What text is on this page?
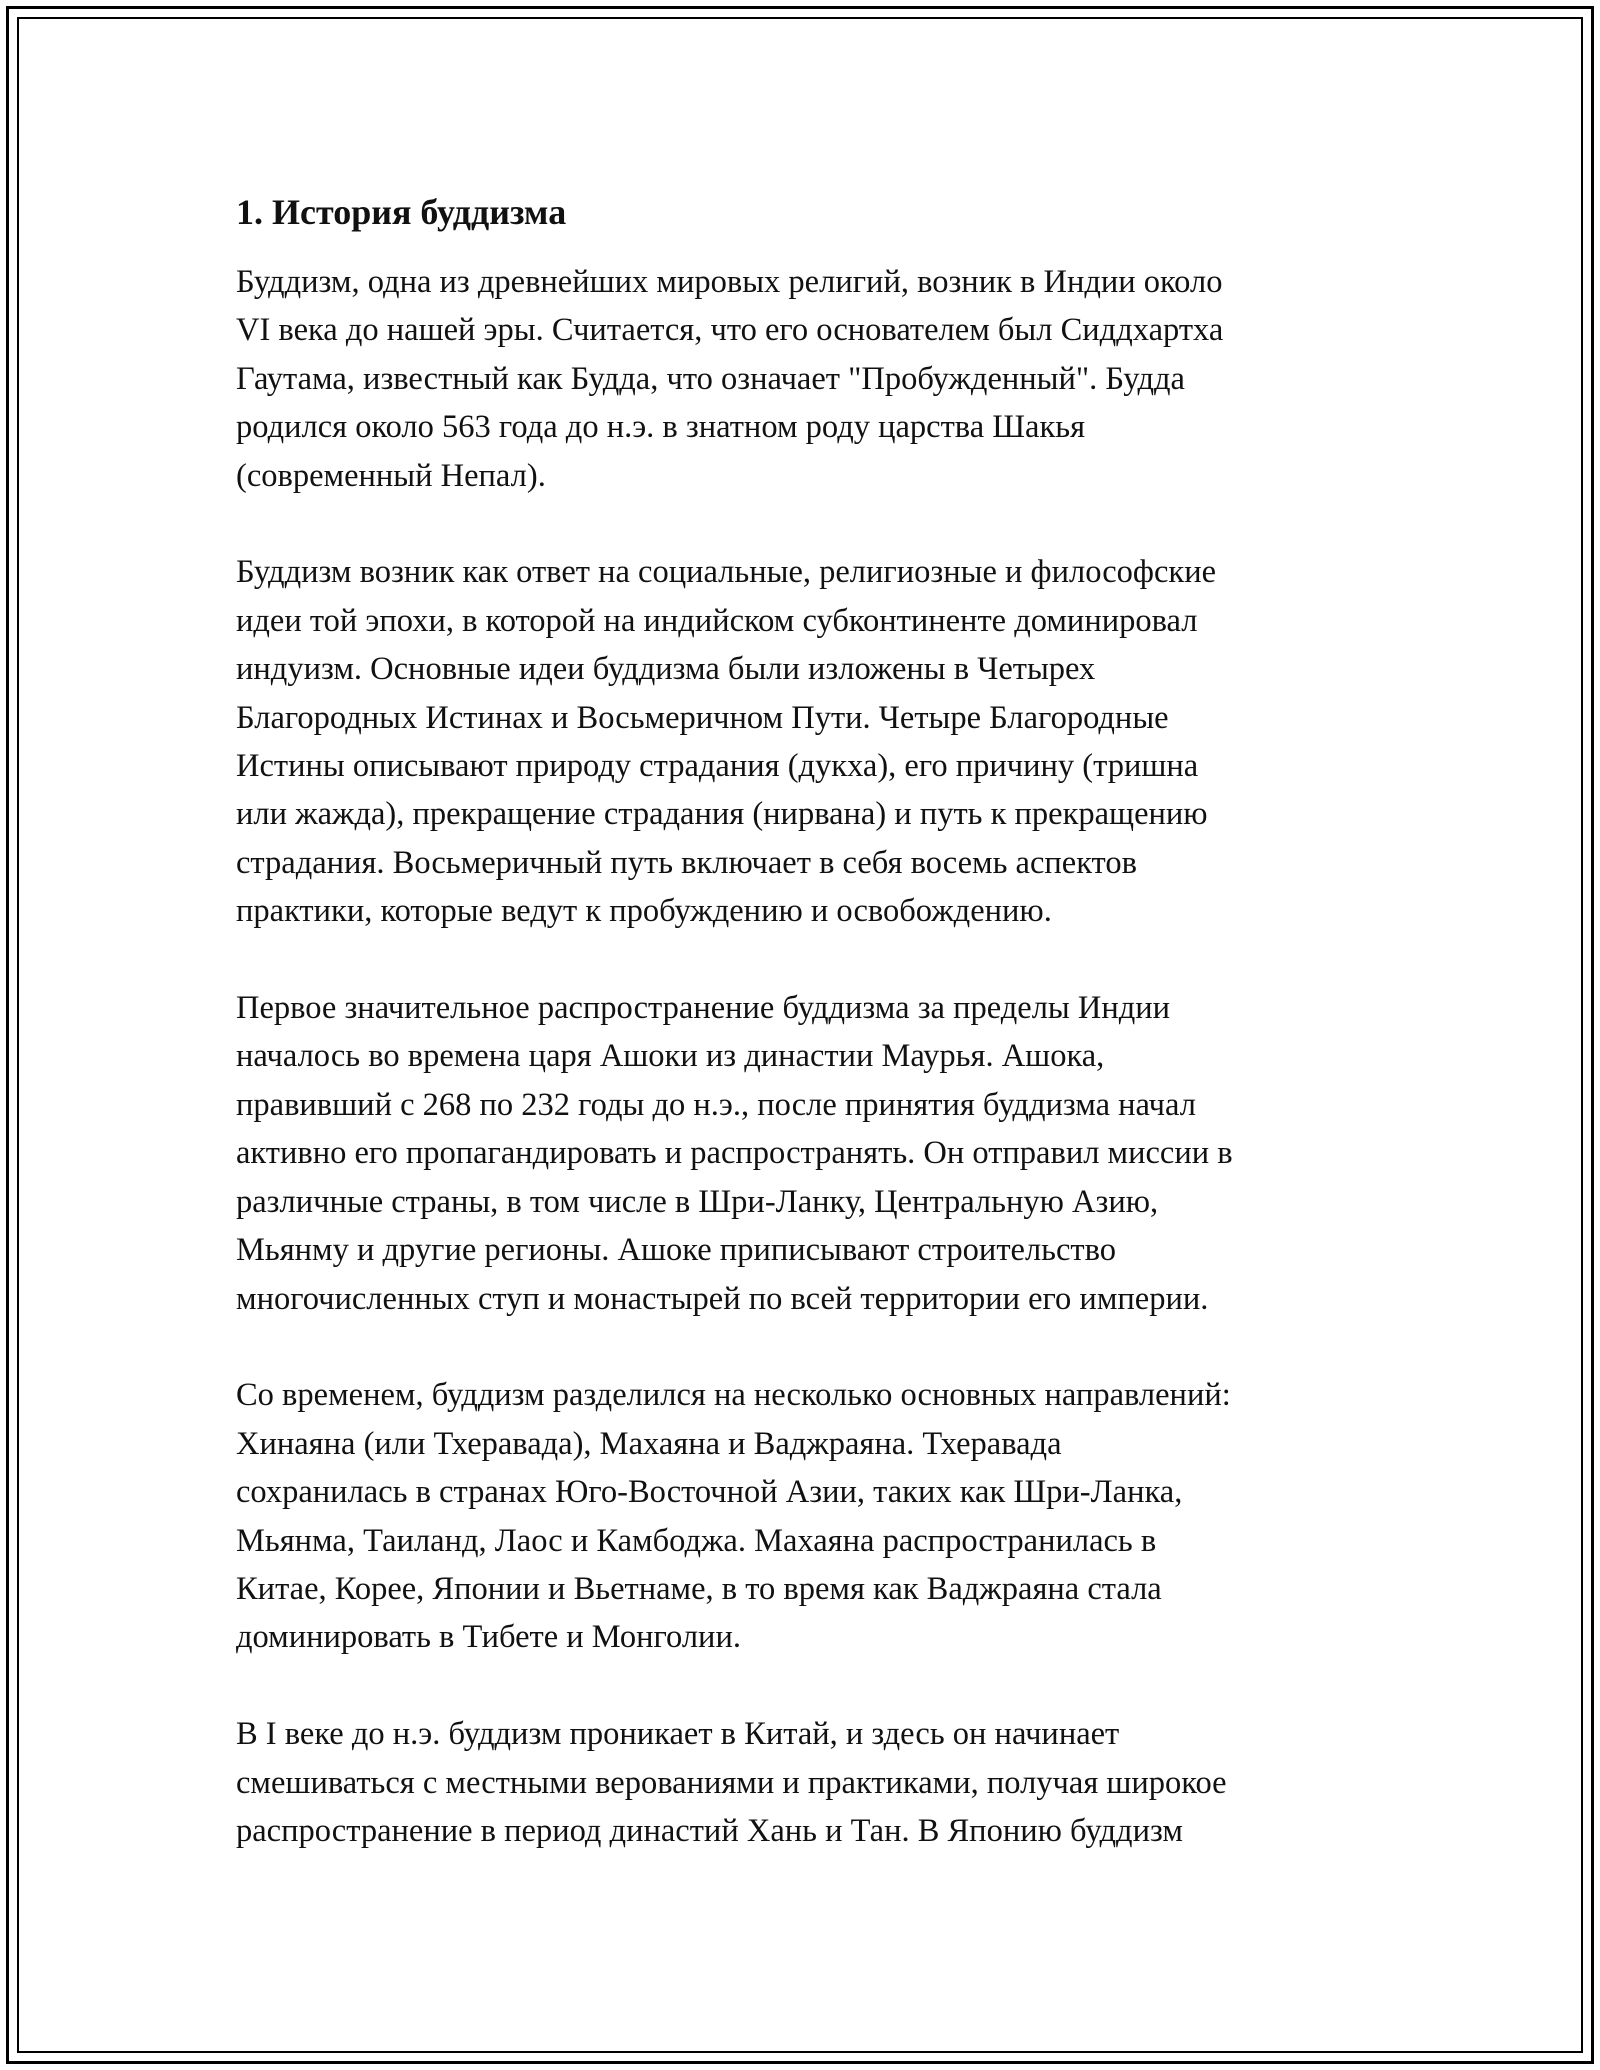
1. История буддизма

Буддизм, одна из древнейших мировых религий, возник в Индии около
VI века до нашей эры. Считается, что его основателем был Сиддхартха
Гаутама, известный как Будда, что означает "Пробужденный". Будда
родился около 563 года до н.э. в знатном роду царства Шакья
(современный Непал).

Буддизм возник как ответ на социальные, религиозные и философские
идеи той эпохи, в которой на индийском субконтиненте доминировал
индуизм. Основные идеи буддизма были изложены в Четырех
Благородных Истинах и Восьмеричном Пути. Четыре Благородные
Истины описывают природу страдания (дукха), его причину (тришна
или жажда), прекращение страдания (нирвана) и путь к прекращению
страдания. Восьмеричный путь включает в себя восемь аспектов
практики, которые ведут к пробуждению и освобождению.

Первое значительное распространение буддизма за пределы Индии
началось во времена царя Ашоки из династии Маурья. Ашока,
правивший с 268 по 232 годы до н.э., после принятия буддизма начал
активно его пропагандировать и распространять. Он отправил миссии в
различные страны, в том числе в Шри-Ланку, Центральную Азию,
Мьянму и другие регионы. Ашоке приписывают строительство
многочисленных ступ и монастырей по всей территории его империи.

Со временем, буддизм разделился на несколько основных направлений:
Хинаяна (или Тхеравада), Махаяна и Ваджраяна. Тхеравада
сохранилась в странах Юго-Восточной Азии, таких как Шри-Ланка,
Мьянма, Таиланд, Лаос и Камбоджа. Махаяна распространилась в
Китае, Корее, Японии и Вьетнаме, в то время как Ваджраяна стала
доминировать в Тибете и Монголии.

В I веке до н.э. буддизм проникает в Китай, и здесь он начинает
смешиваться с местными верованиями и практиками, получая широкое
распространение в период династий Хань и Тан. В Японию буддизм
